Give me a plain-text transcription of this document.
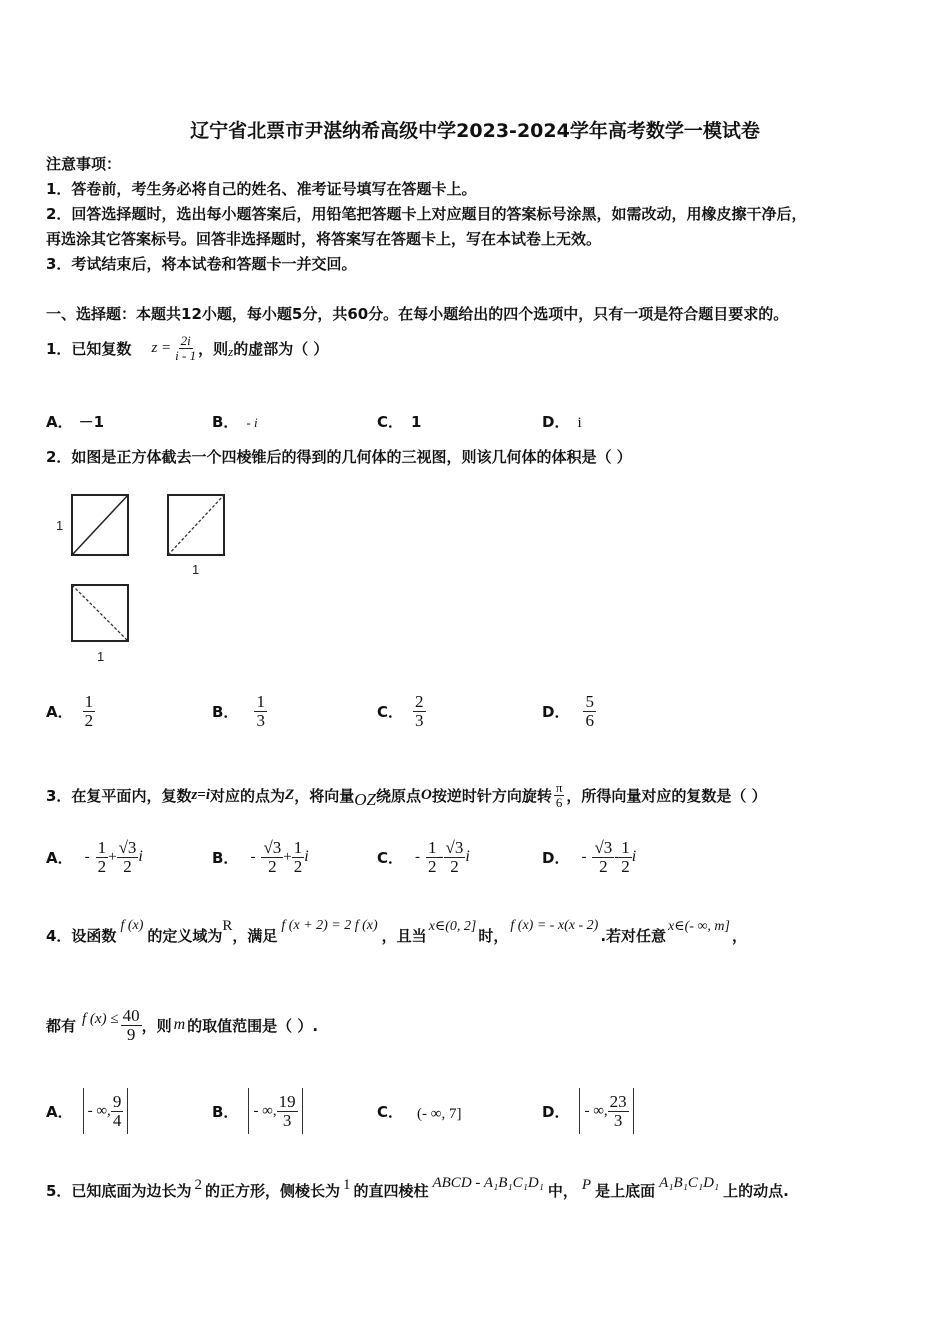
辽宁省北票市尹湛纳希高级中学2023-2024学年高考数学一模试卷
注意事项：
1．答卷前，考生务必将自己的姓名、准考证号填写在答题卡上。
2．回答选择题时，选出每小题答案后，用铅笔把答题卡上对应题目的答案标号涂黑，如需改动，用橡皮擦干净后，
再选涂其它答案标号。回答非选择题时，将答案写在答题卡上，写在本试卷上无效。
3．考试结束后，将本试卷和答题卡一并交回。
一、选择题：本题共12小题，每小题5分，共60分。在每小题给出的四个选项中，只有一项是符合题目要求的。
1．已知复数 $z = \frac{2i}{i - 1}$ ，则 z 的虚部为（ ）
A． －1	B． - i	C． 1	D． i
2．如图是正方体截去一个四棱锥后的得到的几何体的三视图，则该几何体的体积是（ ）
1
1
1
A． $\frac{1}{2}$	B． $\frac{1}{3}$	C． $\frac{2}{3}$	D． $\frac{5}{6}$
3．在复平面内，复数 z=i 对应的点为 Z ，将向量 OZ 绕原点 O 按逆时针方向旋转 $\frac{\pi}{6}$ ，所得向量对应的复数是（ ）
A． - $\frac{1}{2} + \frac{√3}{2}$ i	B． - $\frac{√3}{2} + \frac{1}{2}$ i	C． - $\frac{1}{2} - \frac{√3}{2}$ i	D． - $\frac{√3}{2} - \frac{1}{2}$ i
4．设函数
f (x)
的定义域为
R
，满足
f (x + 2) = 2 f (x)
，且当
x∈(0, 2]
时，
f (x) = - x(x - 2)
.若对任意
x∈(- ∞, m]
，
都有 f $(x) \le \frac{40}{9}$ ，则 m 的取值范围是（ ）.
A． - ∞, $\frac{9}{4}$	B． - ∞, $\frac{19}{3}$	C． (- ∞, 7]	D． - ∞, $\frac{23}{3}$
5．已知底面为边长为 2 的正方形，侧棱长为 1 的直四棱柱 ABCD - A₁B₁C₁D₁ 中， P 是上底面 A₁B₁C₁D₁ 上的动点.
